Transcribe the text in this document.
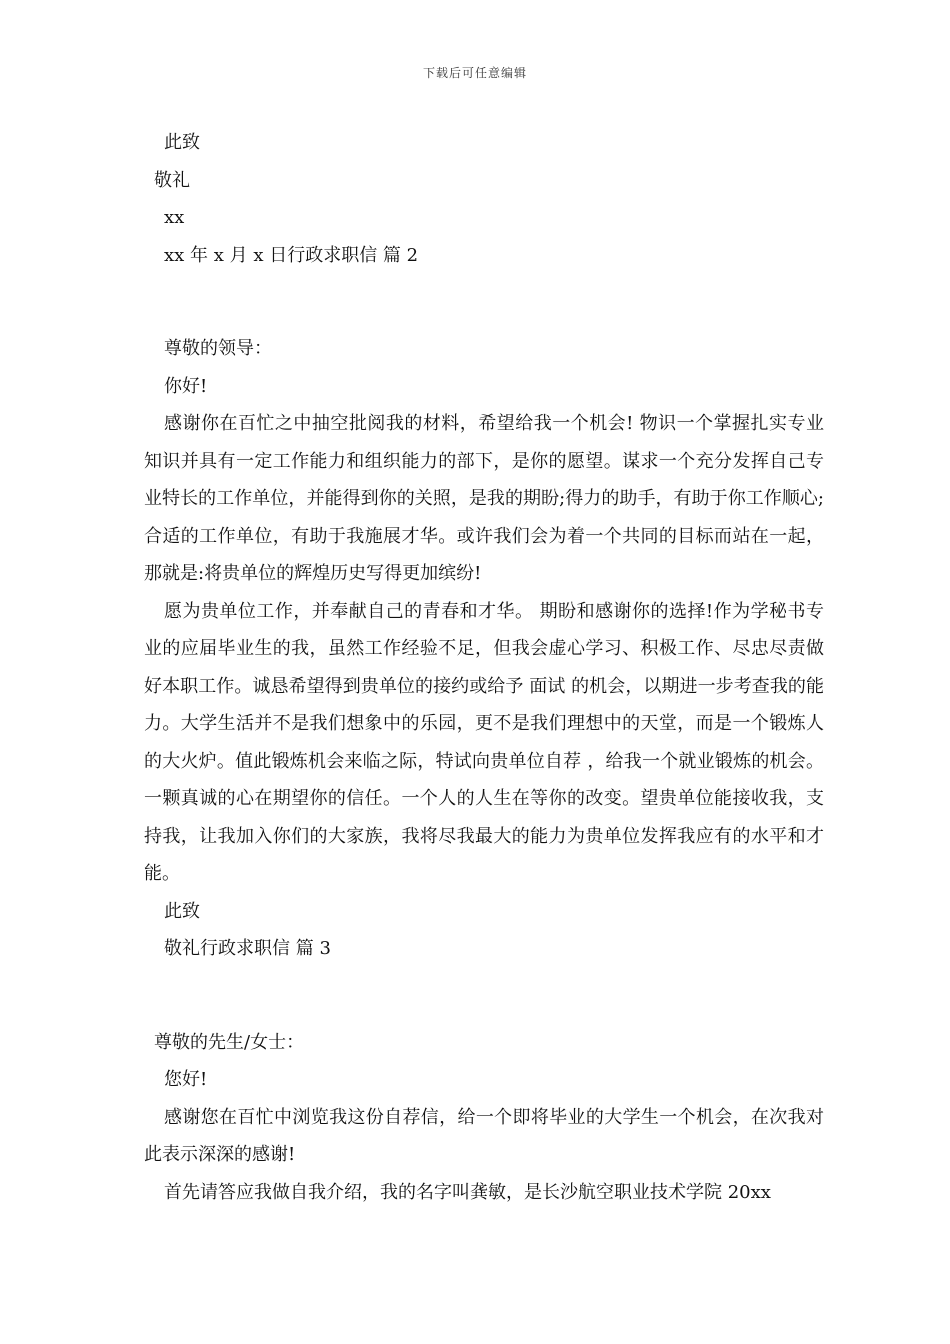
下载后可任意编辑
此致
敬礼
xx
xx 年 x 月 x 日行政求职信 篇 2
尊敬的领导：
你好!
感谢你在百忙之中抽空批阅我的材料，希望给我一个机会! 物识一个掌握扎实专业知识并具有一定工作能力和组织能力的部下，是你的愿望。谋求一个充分发挥自己专业特长的工作单位，并能得到你的关照，是我的期盼;得力的助手，有助于你工作顺心;合适的工作单位，有助于我施展才华。或许我们会为着一个共同的目标而站在一起，那就是:将贵单位的辉煌历史写得更加缤纷!
愿为贵单位工作，并奉献自己的青春和才华。 期盼和感谢你的选择!作为学秘书专业的应届毕业生的我，虽然工作经验不足，但我会虚心学习、积极工作、尽忠尽责做好本职工作。诚恳希望得到贵单位的接约或给予 面试 的机会，以期进一步考查我的能力。大学生活并不是我们想象中的乐园，更不是我们理想中的天堂，而是一个锻炼人的大火炉。值此锻炼机会来临之际，特试向贵单位自荐 ，给我一个就业锻炼的机会。一颗真诚的心在期望你的信任。一个人的人生在等你的改变。望贵单位能接收我，支持我，让我加入你们的大家族，我将尽我最大的能力为贵单位发挥我应有的水平和才能。
此致
敬礼行政求职信 篇 3
尊敬的先生/女士：
您好!
感谢您在百忙中浏览我这份自荐信，给一个即将毕业的大学生一个机会，在次我对此表示深深的感谢!
首先请答应我做自我介绍，我的名字叫龚敏，是长沙航空职业技术学院 20xx
